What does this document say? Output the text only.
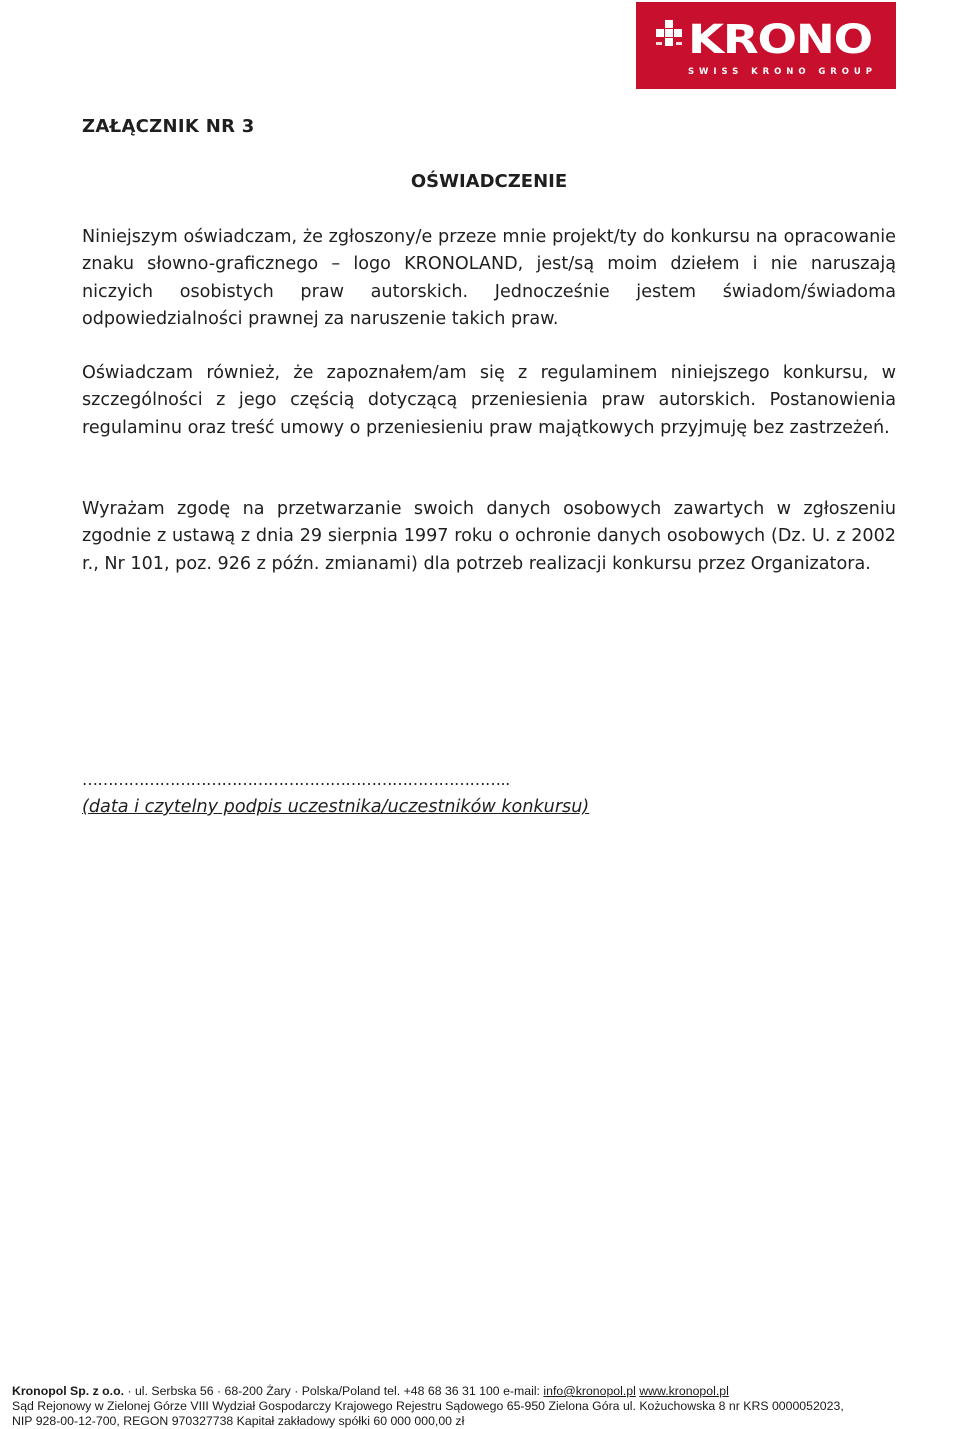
KRONO
SWISS KRONO GROUP
ZAŁĄCZNIK NR 3
OŚWIADCZENIE

Niniejszym oświadczam, że zgłoszony/e przeze mnie projekt/ty do konkursu na opracowanie znaku słowno-graficznego – logo KRONOLAND, jest/są moim dziełem i nie naruszają niczyich osobistych praw autorskich. Jednocześnie jestem świadom/świadoma odpowiedzialności prawnej za naruszenie takich praw.

Oświadczam również, że zapoznałem/am się z regulaminem niniejszego konkursu, w szczególności z jego częścią dotyczącą przeniesienia praw autorskich. Postanowienia regulaminu oraz treść umowy o przeniesieniu praw majątkowych przyjmuję bez zastrzeżeń.

Wyrażam zgodę na przetwarzanie swoich danych osobowych zawartych w zgłoszeniu zgodnie z ustawą z dnia 29 sierpnia 1997 roku o ochronie danych osobowych (Dz. U. z 2002 r., Nr 101, poz. 926 z późn. zmianami) dla potrzeb realizacji konkursu przez Organizatora.

………………………………………………………………………..
(data i czytelny podpis uczestnika/uczestników konkursu)
Kronopol Sp. z o.o. · ul. Serbska 56 · 68-200 Żary · Polska/Poland tel. +48 68 36 31 100 e-mail: info@kronopol.pl www.kronopol.pl
Sąd Rejonowy w Zielonej Górze VIII Wydział Gospodarczy Krajowego Rejestru Sądowego 65-950 Zielona Góra ul. Kożuchowska 8 nr KRS 0000052023,
NIP 928-00-12-700, REGON 970327738 Kapitał zakładowy spółki 60 000 000,00 zł
